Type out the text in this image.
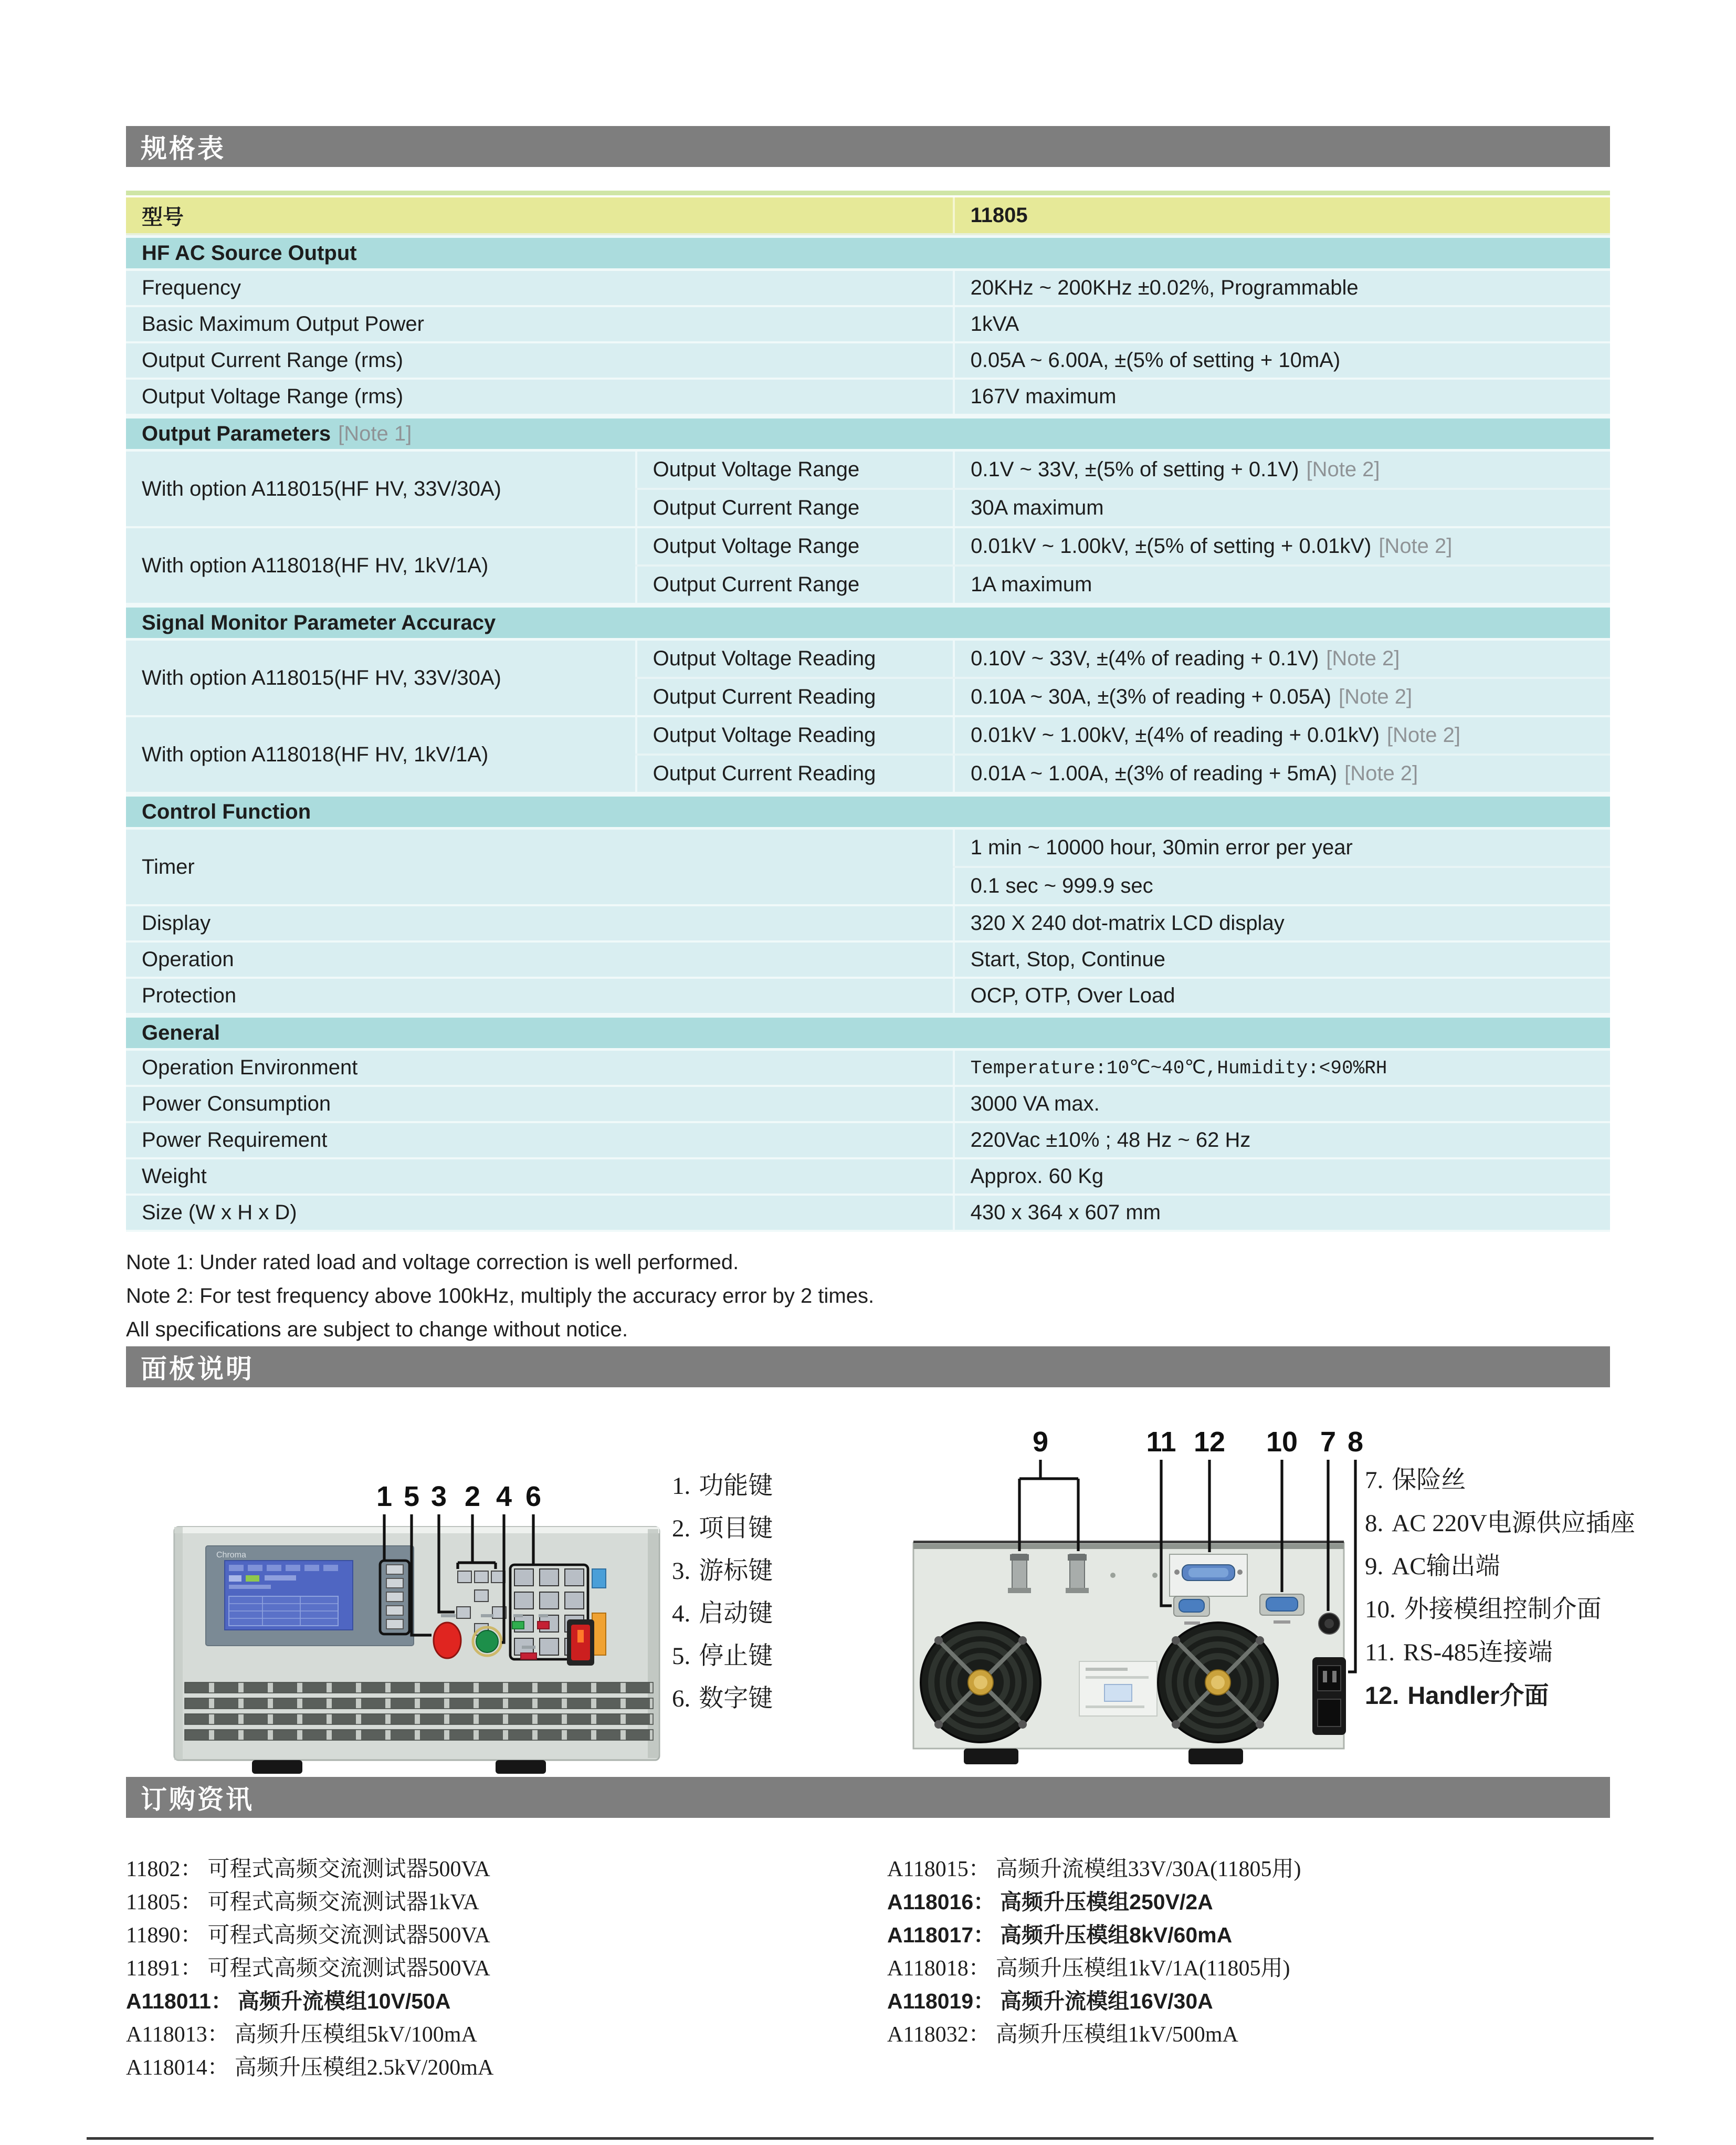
规格表
型号	11805
HF AC Source Output
Frequency	20KHz ~ 200KHz ±0.02%, Programmable
Basic Maximum Output Power	1kVA
Output Current Range (rms)	0.05A ~ 6.00A, ±(5% of setting + 10mA)
Output Voltage Range (rms)	167V maximum
Output Parameters [Note 1]
With option A118015(HF HV, 33V/30A)
Output Voltage Range	0.1V ~ 33V, ±(5% of setting + 0.1V) [Note 2]
Output Current Range	30A maximum
With option A118018(HF HV, 1kV/1A)
Output Voltage Range	0.01kV ~ 1.00kV, ±(5% of setting + 0.01kV) [Note 2]
Output Current Range	1A maximum
Signal Monitor Parameter Accuracy
With option A118015(HF HV, 33V/30A)
Output Voltage Reading	0.10V ~ 33V, ±(4% of reading + 0.1V) [Note 2]
Output Current Reading	0.10A ~ 30A, ±(3% of reading + 0.05A) [Note 2]
With option A118018(HF HV, 1kV/1A)
Output Voltage Reading	0.01kV ~ 1.00kV, ±(4% of reading + 0.01kV) [Note 2]
Output Current Reading	0.01A ~ 1.00A, ±(3% of reading + 5mA) [Note 2]
Control Function
Timer
1 min ~ 10000 hour, 30min error per year
0.1 sec ~ 999.9 sec
Display	320 X 240 dot-matrix LCD display
Operation	Start, Stop, Continue
Protection	OCP, OTP, Over Load
General
Operation Environment	Temperature:10℃~40℃,Humidity:<90%RH
Power Consumption	3000 VA max.
Power Requirement	220Vac ±10% ; 48 Hz ~ 62 Hz
Weight	Approx. 60 Kg
Size (W x H x D)	430 x 364 x 607 mm
Note 1: Under rated load and voltage correction is well performed.
Note 2: For test frequency above 100kHz, multiply the accuracy error by 2 times.
All specifications are subject to change without notice.
面板说明
Chroma
1 5 3 2 4 6	1. 功能键
2. 项目键
3. 游标键
4. 启动键
5. 停止键
6. 数字键
9	11 12	10 7 8
7. 保险丝
8. AC 220V电源供应插座
9. AC输出端
10. 外接模组控制介面
11. RS-485连接端
12. Handler介面
订购资讯
11802： 可程式高频交流测试器500VA
11805： 可程式高频交流测试器1kVA
11890： 可程式高频交流测试器500VA
11891： 可程式高频交流测试器500VA
A118011： 高频升流模组10V/50A
A118013： 高频升压模组5kV/100mA
A118014： 高频升压模组2.5kV/200mA
A118015： 高频升流模组33V/30A(11805用)
A118016： 高频升压模组250V/2A
A118017： 高频升压模组8kV/60mA
A118018： 高频升压模组1kV/1A(11805用)
A118019： 高频升流模组16V/30A
A118032： 高频升压模组1kV/500mA
